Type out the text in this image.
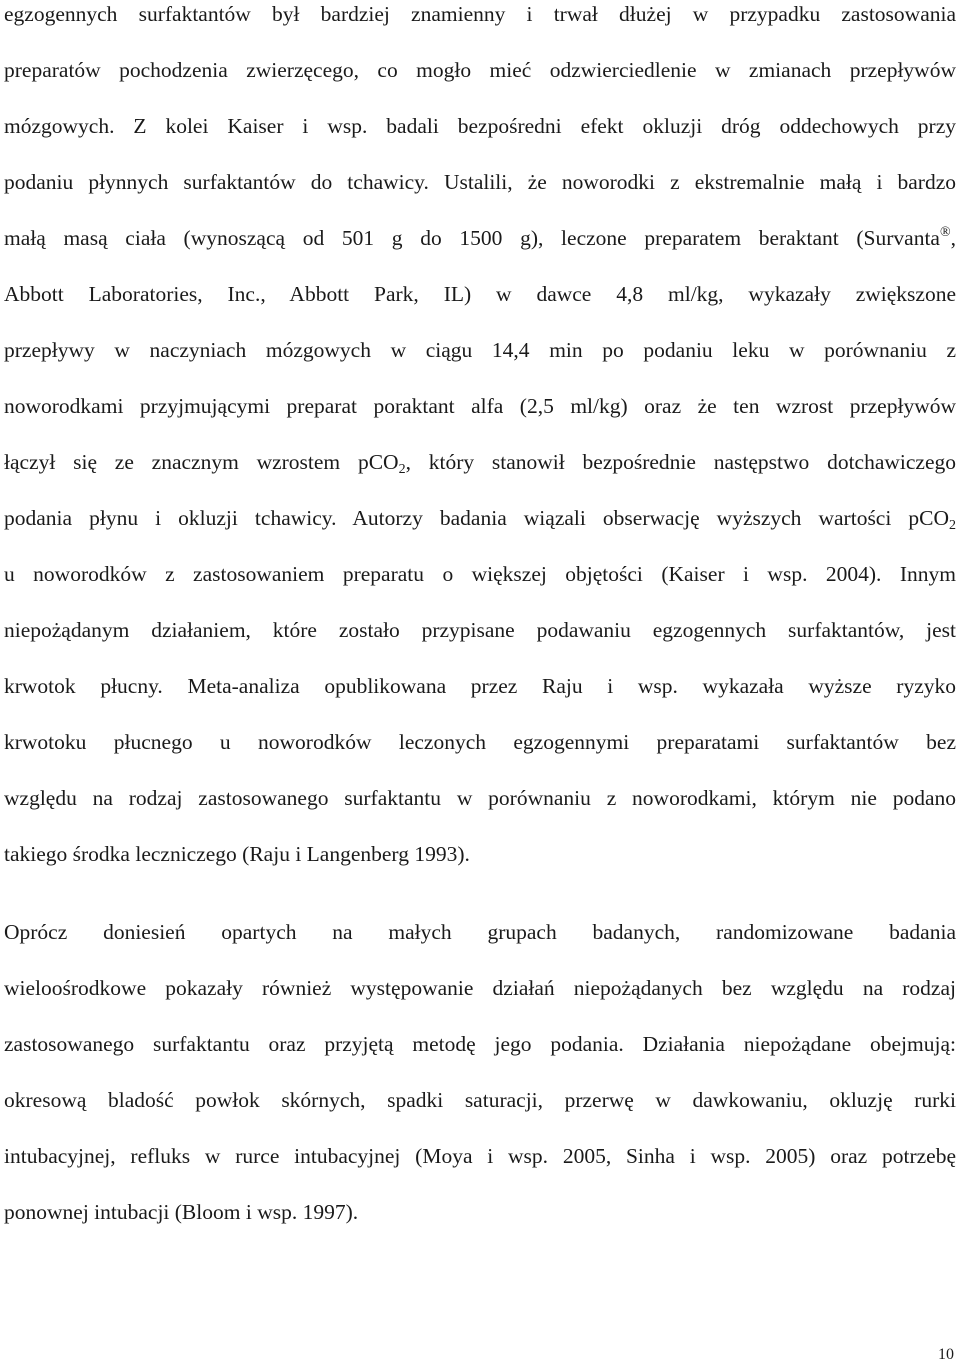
egzogennych surfaktantów był bardziej znamienny i trwał dłużej w przypadku zastosowania
preparatów pochodzenia zwierzęcego, co mogło mieć odzwierciedlenie w zmianach przepływów
mózgowych. Z kolei Kaiser i wsp. badali bezpośredni efekt okluzji dróg oddechowych przy
podaniu płynnych surfaktantów do tchawicy. Ustalili, że noworodki z ekstremalnie małą i bardzo
małą masą ciała (wynoszącą od 501 g do 1500 g), leczone preparatem beraktant (Survanta®,
Abbott Laboratories, Inc., Abbott Park, IL) w dawce 4,8 ml/kg, wykazały zwiększone
przepływy w naczyniach mózgowych w ciągu 14,4 min po podaniu leku w porównaniu z
noworodkami przyjmującymi preparat poraktant alfa (2,5 ml/kg) oraz że ten wzrost przepływów
łączył się ze znacznym wzrostem pCO$_2$, który stanowił bezpośrednie następstwo dotchawiczego
podania płynu i okluzji tchawicy. Autorzy badania wiązali obserwację wyższych wartości pCO$_2$
u noworodków z zastosowaniem preparatu o większej objętości (Kaiser i wsp. 2004). Innym
niepożądanym działaniem, które zostało przypisane podawaniu egzogennych surfaktantów, jest
krwotok płucny. Meta-analiza opublikowana przez Raju i wsp. wykazała wyższe ryzyko
krwotoku płucnego u noworodków leczonych egzogennymi preparatami surfaktantów bez
względu na rodzaj zastosowanego surfaktantu w porównaniu z noworodkami, którym nie podano
takiego środka leczniczego (Raju i Langenberg 1993).
Oprócz doniesień opartych na małych grupach badanych, randomizowane badania
wieloośrodkowe pokazały również występowanie działań niepożądanych bez względu na rodzaj
zastosowanego surfaktantu oraz przyjętą metodę jego podania. Działania niepożądane obejmują:
okresową bladość powłok skórnych, spadki saturacji, przerwę w dawkowaniu, okluzję rurki
intubacyjnej, refluks w rurce intubacyjnej (Moya i wsp. 2005, Sinha i wsp. 2005) oraz potrzebę
ponownej intubacji (Bloom i wsp. 1997).
10
